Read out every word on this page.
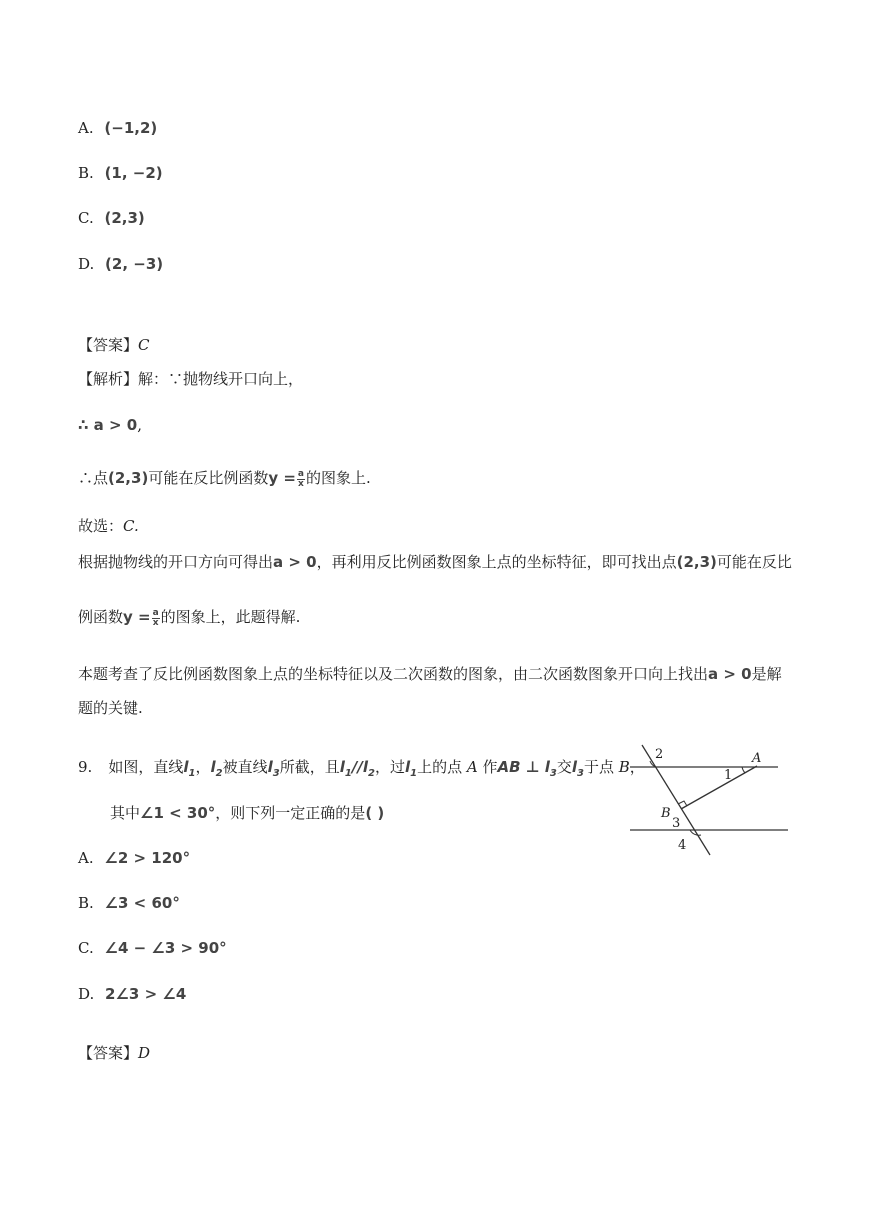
A. (−1,2)
B. (1, −2)
C. (2,3)
D. (2, −3)
【答案】C
【解析】解：∵抛物线开口向上，
∴ a > 0,
∴点(2,3)可能在反比例函数$y = \frac{a}{x}$ 的图象上.
故选：C.
根据抛物线的开口方向可得出a > 0，再利用反比例函数图象上点的坐标特征，即可找出点(2,3)可能在反比
例函数$y = \frac{a}{x}$ 的图象上，此题得解.
本题考查了反比例函数图象上点的坐标特征以及二次函数的图象，由二次函数图象开口向上找出a > 0是解
题的关键.
9. 如图，直线$l_1$，$l_2$被直线$l_3$所截，且$l_1//l_2$，过$l_1$上的点 A 作AB ⊥ $l_3$交$l_3$于点 B，
其中∠1 < 30°，则下列一定正确的是( )
A. ∠2 > 120°
B. ∠3 < 60°
C. ∠4 − ∠3 > 90°
D. 2∠3 > ∠4
【答案】D
2
1
A
B
3
4
